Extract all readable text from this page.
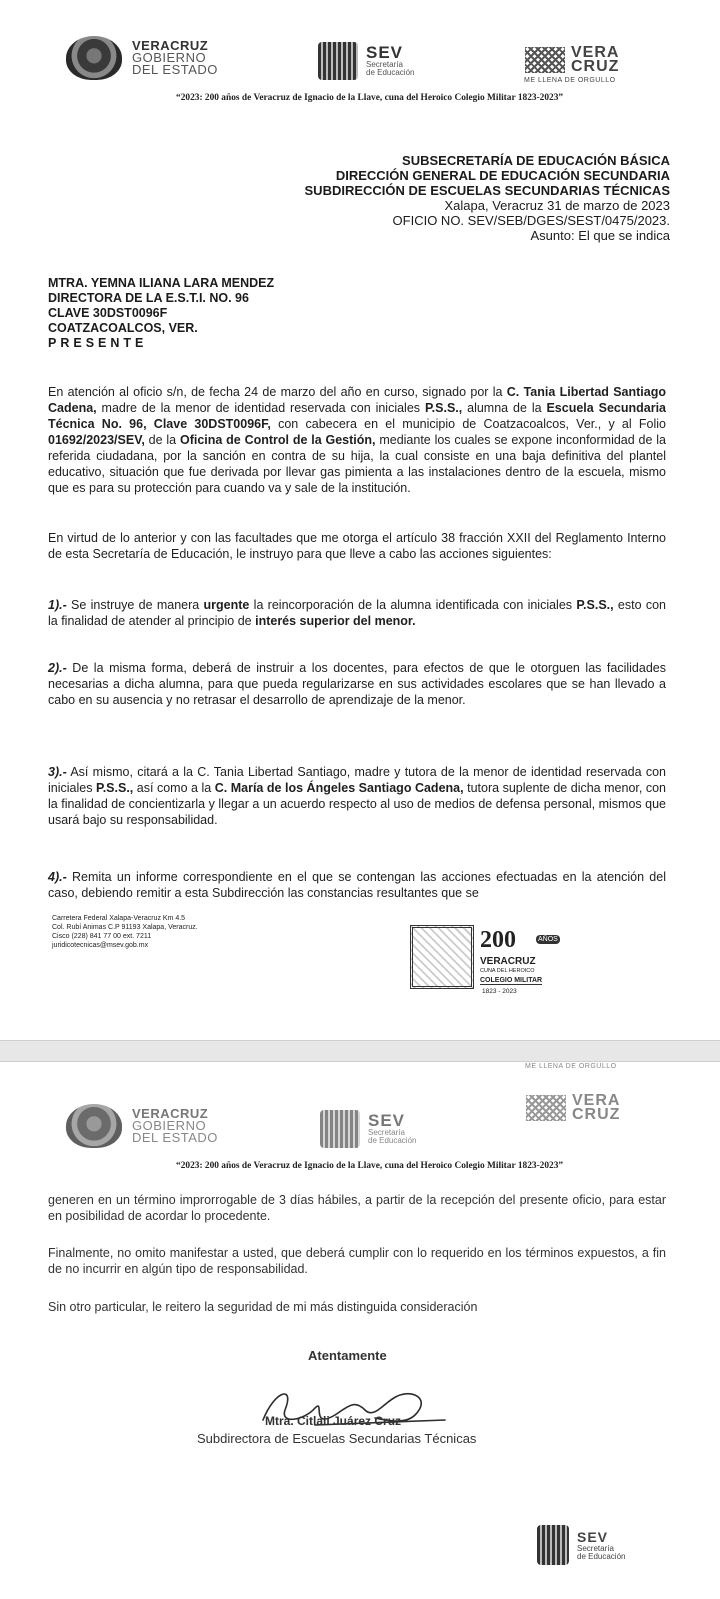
VERACRUZ
GOBIERNO
DEL ESTADO
SEV
Secretaría
de Educación
VERA
CRUZ
ME LLENA DE ORGULLO
“2023: 200 años de Veracruz de Ignacio de la Llave, cuna del Heroico Colegio Militar 1823-2023”
SUBSECRETARÍA DE EDUCACIÓN BÁSICA
DIRECCIÓN GENERAL DE EDUCACIÓN SECUNDARIA
SUBDIRECCIÓN DE ESCUELAS SECUNDARIAS TÉCNICAS
Xalapa, Veracruz 31 de marzo de 2023
OFICIO NO. SEV/SEB/DGES/SEST/0475/2023.
Asunto: El que se indica
MTRA. YEMNA ILIANA LARA MENDEZ
DIRECTORA DE LA E.S.T.I. NO. 96
CLAVE 30DST0096F
COATZACOALCOS, VER.
PRESENTE
En atención al oficio s/n, de fecha 24 de marzo del año en curso, signado por la C. Tania Libertad Santiago Cadena, madre de la menor de identidad reservada con iniciales P.S.S., alumna de la Escuela Secundaria Técnica No. 96, Clave 30DST0096F, con cabecera en el municipio de Coatzacoalcos, Ver., y al Folio 01692/2023/SEV, de la Oficina de Control de la Gestión, mediante los cuales se expone inconformidad de la referida ciudadana, por la sanción en contra de su hija, la cual consiste en una baja definitiva del plantel educativo, situación que fue derivada por llevar gas pimienta a las instalaciones dentro de la escuela, mismo que es para su protección para cuando va y sale de la institución.
En virtud de lo anterior y con las facultades que me otorga el artículo 38 fracción XXII del Reglamento Interno de esta Secretaría de Educación, le instruyo para que lleve a cabo las acciones siguientes:
1).- Se instruye de manera urgente la reincorporación de la alumna identificada con iniciales P.S.S., esto con la finalidad de atender al principio de interés superior del menor.
2).- De la misma forma, deberá de instruir a los docentes, para efectos de que le otorguen las facilidades necesarias a dicha alumna, para que pueda regularizarse en sus actividades escolares que se han llevado a cabo en su ausencia y no retrasar el desarrollo de aprendizaje de la menor.
3).- Así mismo, citará a la C. Tania Libertad Santiago, madre y tutora de la menor de identidad reservada con iniciales P.S.S., así como a la C. María de los Ángeles Santiago Cadena, tutora suplente de dicha menor, con la finalidad de concientizarla y llegar a un acuerdo respecto al uso de medios de defensa personal, mismos que usará bajo su responsabilidad.
4).- Remita un informe correspondiente en el que se contengan las acciones efectuadas en la atención del caso, debiendo remitir a esta Subdirección las constancias resultantes que se
Carretera Federal Xalapa-Veracruz Km 4.5
Col. Rubí Animas C.P 91193 Xalapa, Veracruz.
Cisco (228) 841 77 00 ext. 7211
juridicotecnicas@msev.gob.mx	200	AÑOS
VERACRUZ
CUNA DEL HEROICO
COLEGIO MILITAR
1823 - 2023
VERACRUZ
GOBIERNO
DEL ESTADO
SEV
Secretaría
de Educación
VERA
CRUZ
ME LLENA DE ORGULLO
“2023: 200 años de Veracruz de Ignacio de la Llave, cuna del Heroico Colegio Militar 1823-2023”
generen en un término improrrogable de 3 días hábiles, a partir de la recepción del presente oficio, para estar en posibilidad de acordar lo procedente.
Finalmente, no omito manifestar a usted, que deberá cumplir con lo requerido en los términos expuestos, a fin de no incurrir en algún tipo de responsabilidad.
Sin otro particular, le reitero la seguridad de mi más distinguida consideración
Atentamente
Mtra. Citlali Juárez Cruz
Subdirectora de Escuelas Secundarias Técnicas
SEV
Secretaría
de Educación
